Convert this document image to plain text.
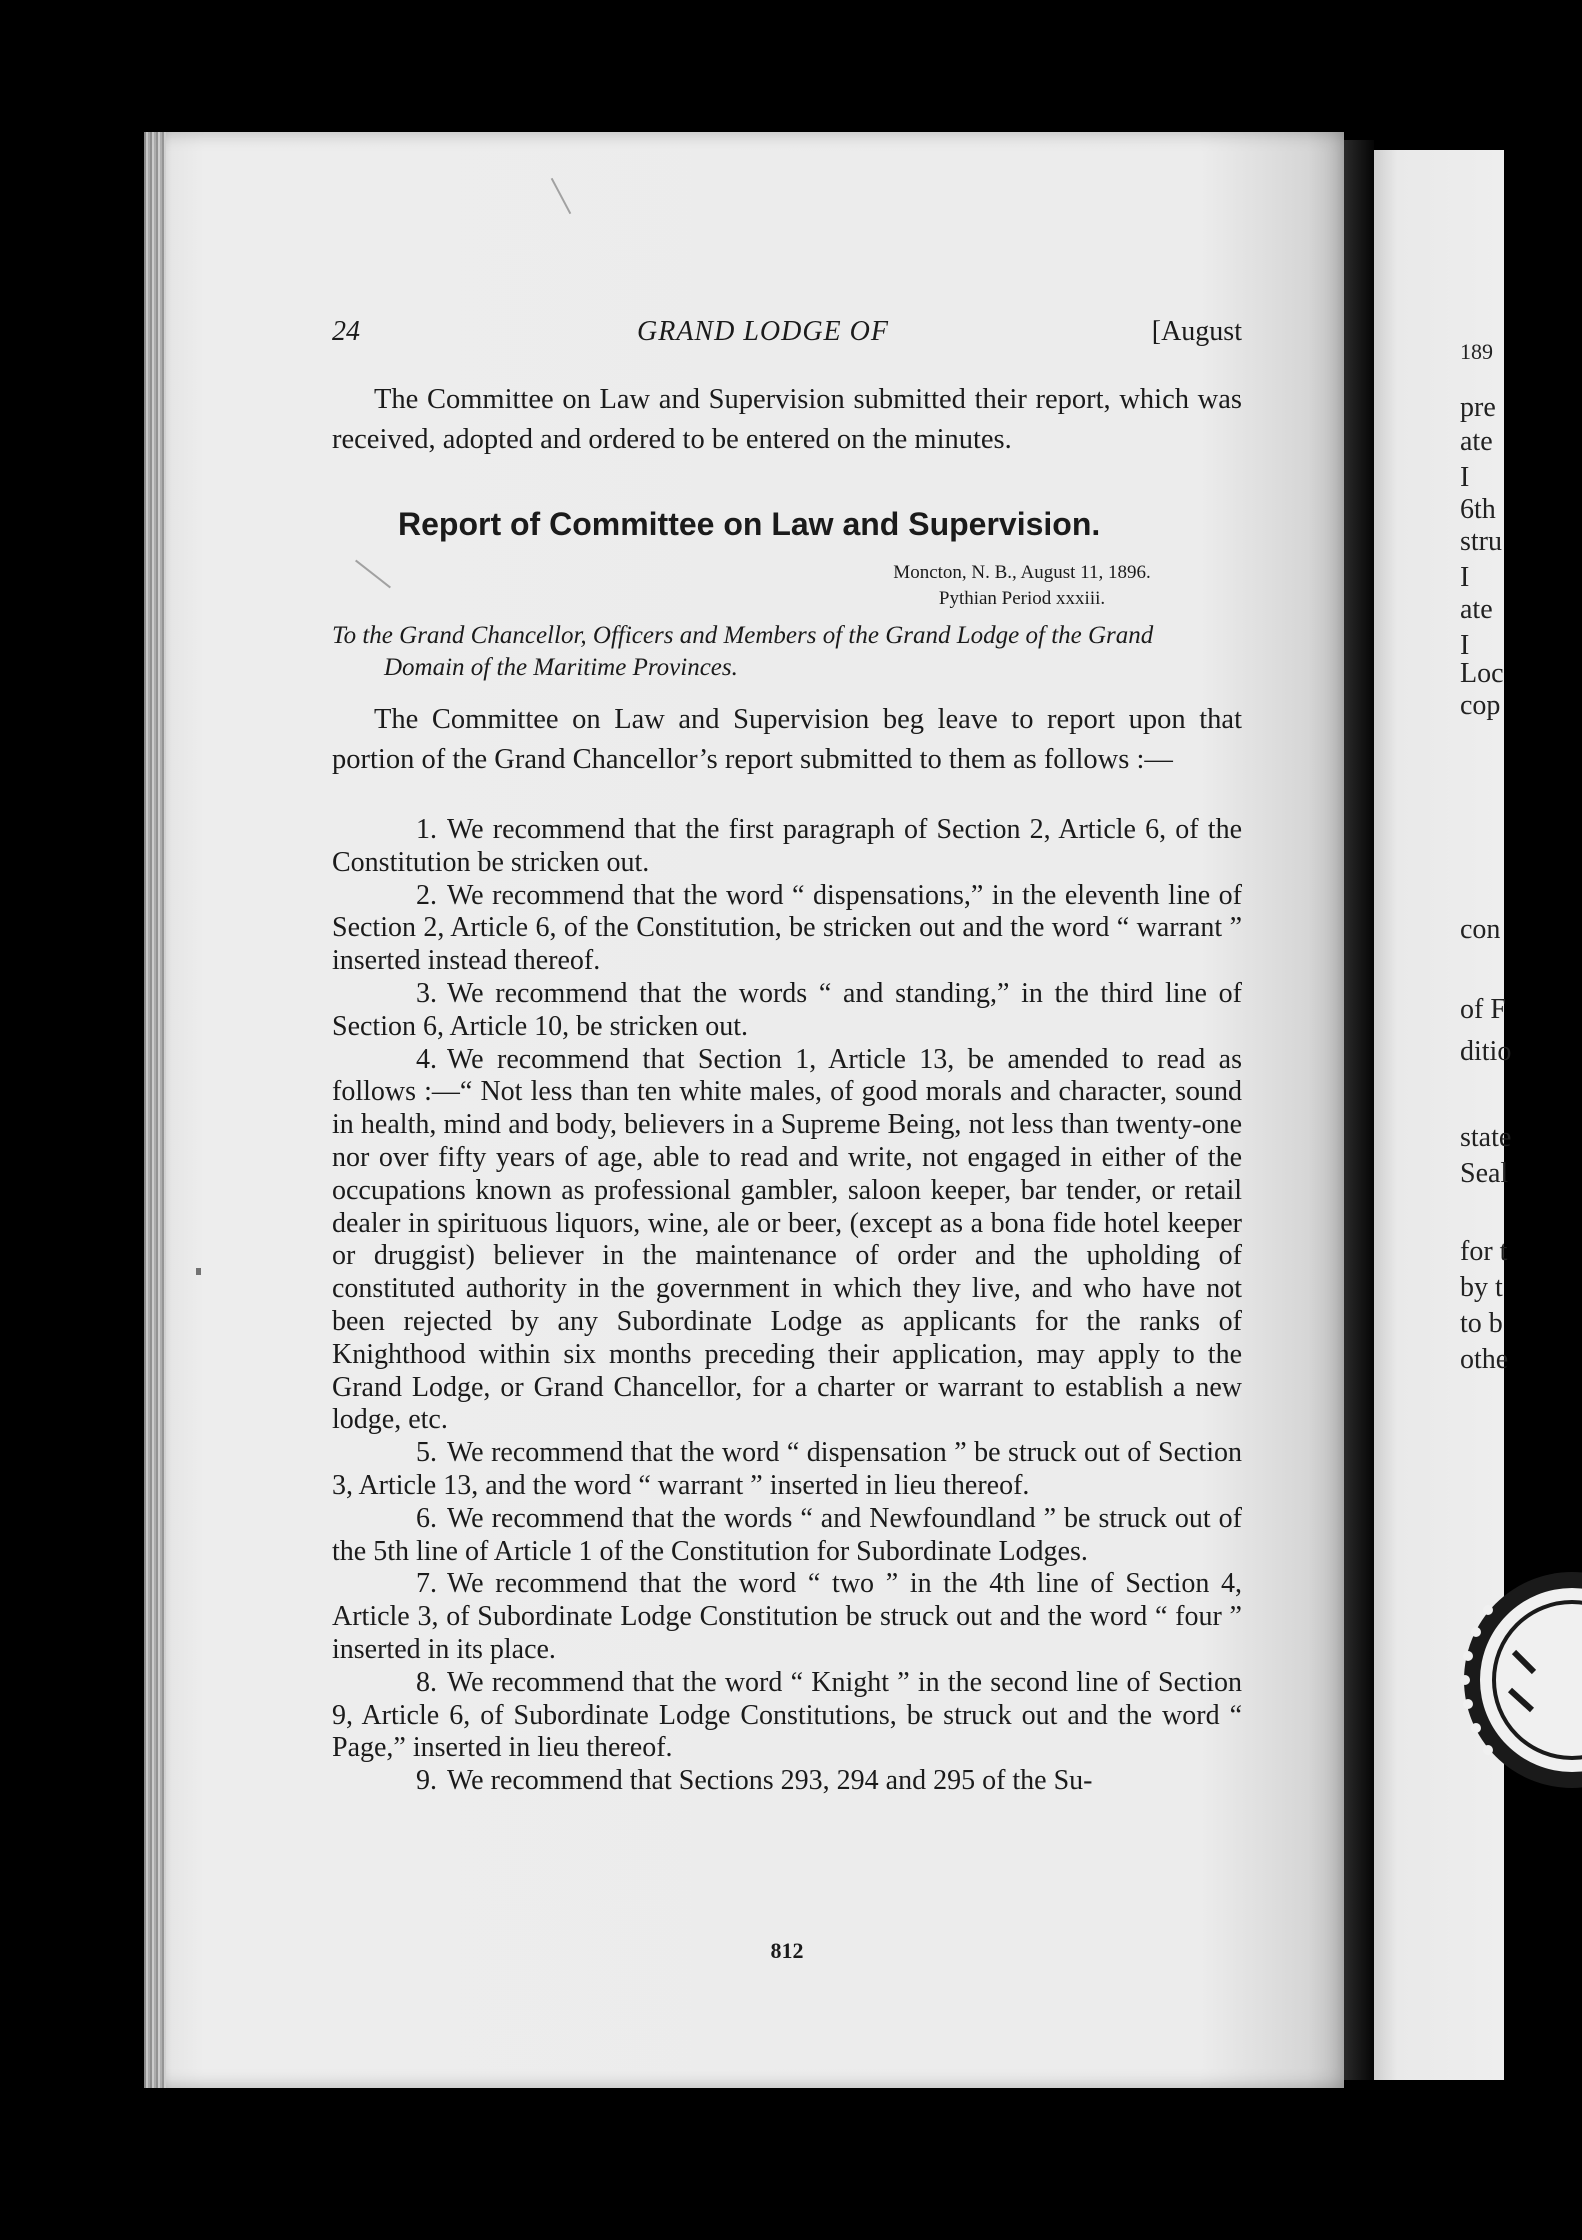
24	GRAND LODGE OF	[August

The Committee on Law and Supervision submitted their report, which was received, adopted and ordered to be entered on the minutes.

Report of Committee on Law and Supervision.
Moncton, N. B., August 11, 1896.
Pythian Period xxxiii.
To the Grand Chancellor, Officers and Members of the Grand Lodge of the Grand
Domain of the Maritime Provinces.

The Committee on Law and Supervision beg leave to report upon that portion of the Grand Chancellor’s report submitted to them as follows :—

1. We recommend that the first paragraph of Section 2, Article 6, of the Constitution be stricken out.

2. We recommend that the word “ dispensations,” in the eleventh line of Section 2, Article 6, of the Constitution, be stricken out and the word “ warrant ” inserted instead thereof.

3. We recommend that the words “ and standing,” in the third line of Section 6, Article 10, be stricken out.

4. We recommend that Section 1, Article 13, be amended to read as follows :—“ Not less than ten white males, of good morals and character, sound in health, mind and body, believers in a Supreme Being, not less than twenty-one nor over fifty years of age, able to read and write, not engaged in either of the occupations known as professional gambler, saloon keeper, bar tender, or retail dealer in spirituous liquors, wine, ale or beer, (except as a bona fide hotel keeper or druggist) believer in the maintenance of order and the upholding of constituted authority in the government in which they live, and who have not been rejected by any Subordinate Lodge as applicants for the ranks of Knighthood within six months preceding their application, may apply to the Grand Lodge, or Grand Chancellor, for a charter or warrant to establish a new lodge, etc.

5. We recommend that the word “ dispensation ” be struck out of Section 3, Article 13, and the word “ warrant ” inserted in lieu thereof.

6. We recommend that the words “ and Newfoundland ” be struck out of the 5th line of Article 1 of the Constitution for Subordinate Lodges.

7. We recommend that the word “ two ” in the 4th line of Section 4, Article 3, of Subordinate Lodge Constitution be struck out and the word “ four ” inserted in its place.

8. We recommend that the word “ Knight ” in the second line of Section 9, Article 6, of Subordinate Lodge Constitutions, be struck out and the word “ Page,” inserted in lieu thereof.

9. We recommend that Sections 293, 294 and 295 of the Su-

812
189
pre
ate
I
6th
stru
I
ate
I
Loc
cop
con
of F
ditio
state
Seal
for t
by t
to b
othe
